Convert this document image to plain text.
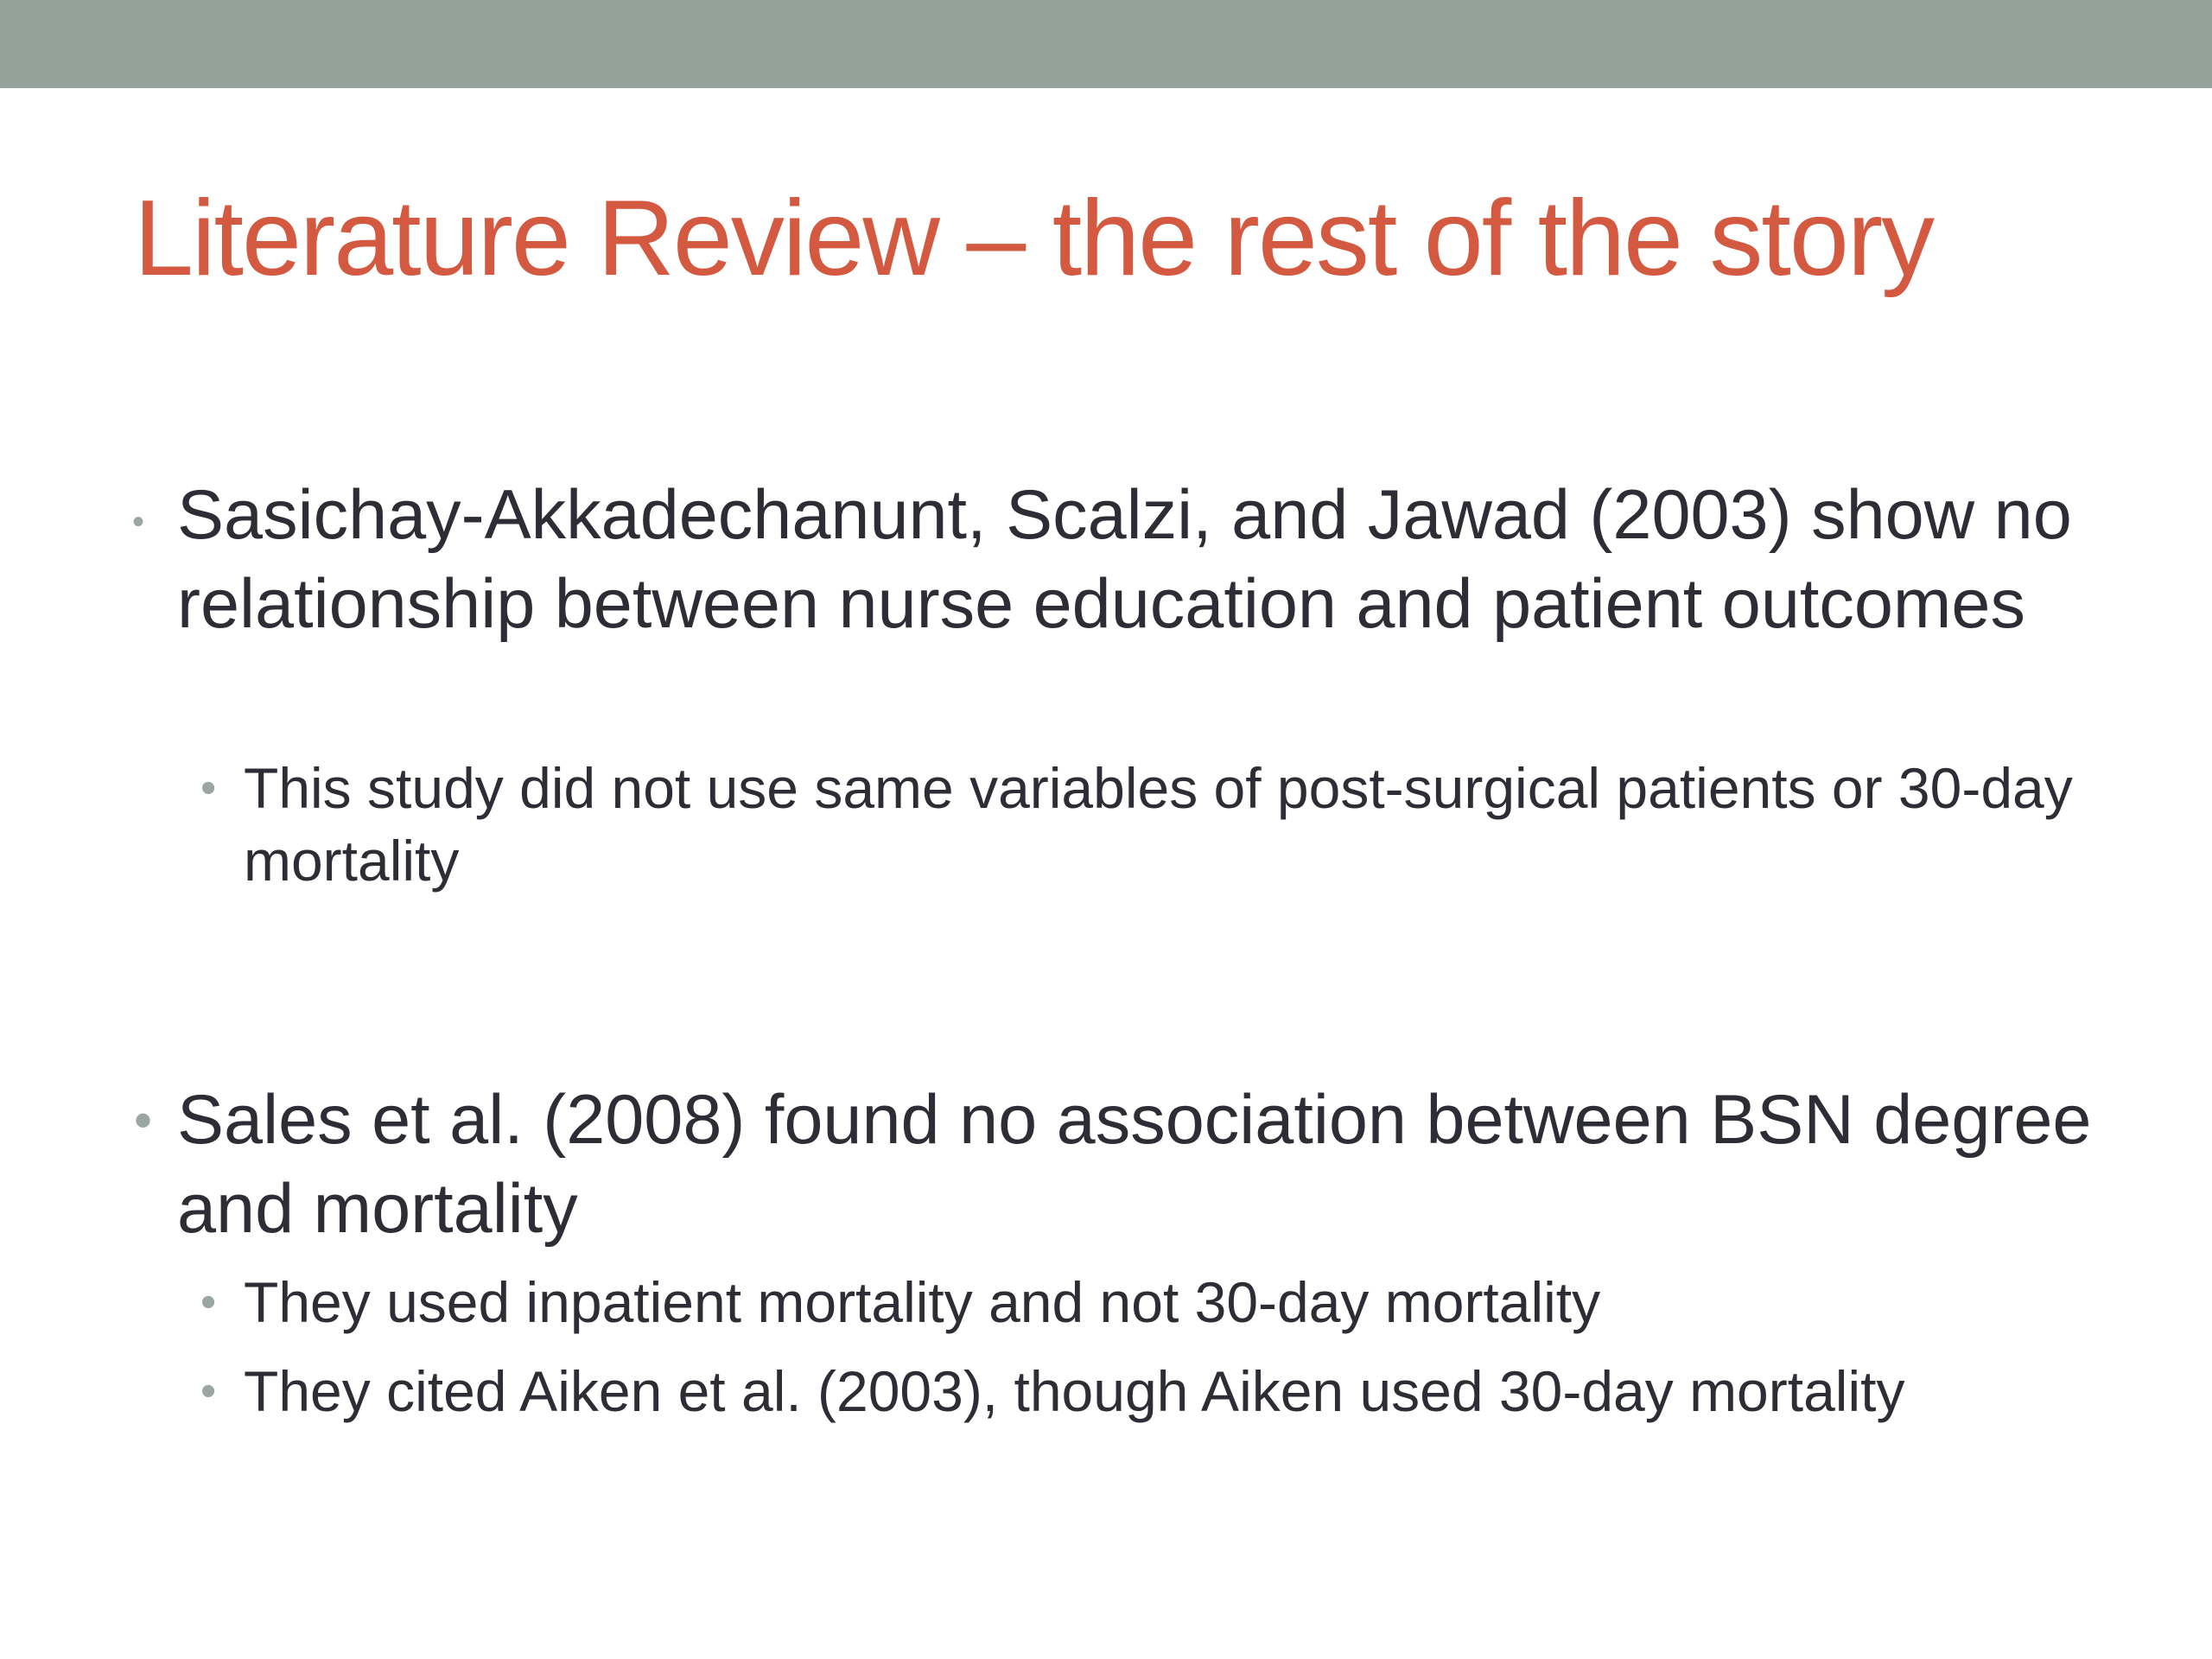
Literature Review – the rest of the story
• Sasichay-Akkadechanunt, Scalzi, and Jawad (2003) show no relationship between nurse education and patient outcomes
• This study did not use same variables of post-surgical patients or 30-day mortality
• Sales et al. (2008) found no association between BSN degree and mortality
• They used inpatient mortality and not 30-day mortality
• They cited Aiken et al. (2003), though Aiken used 30-day mortality
